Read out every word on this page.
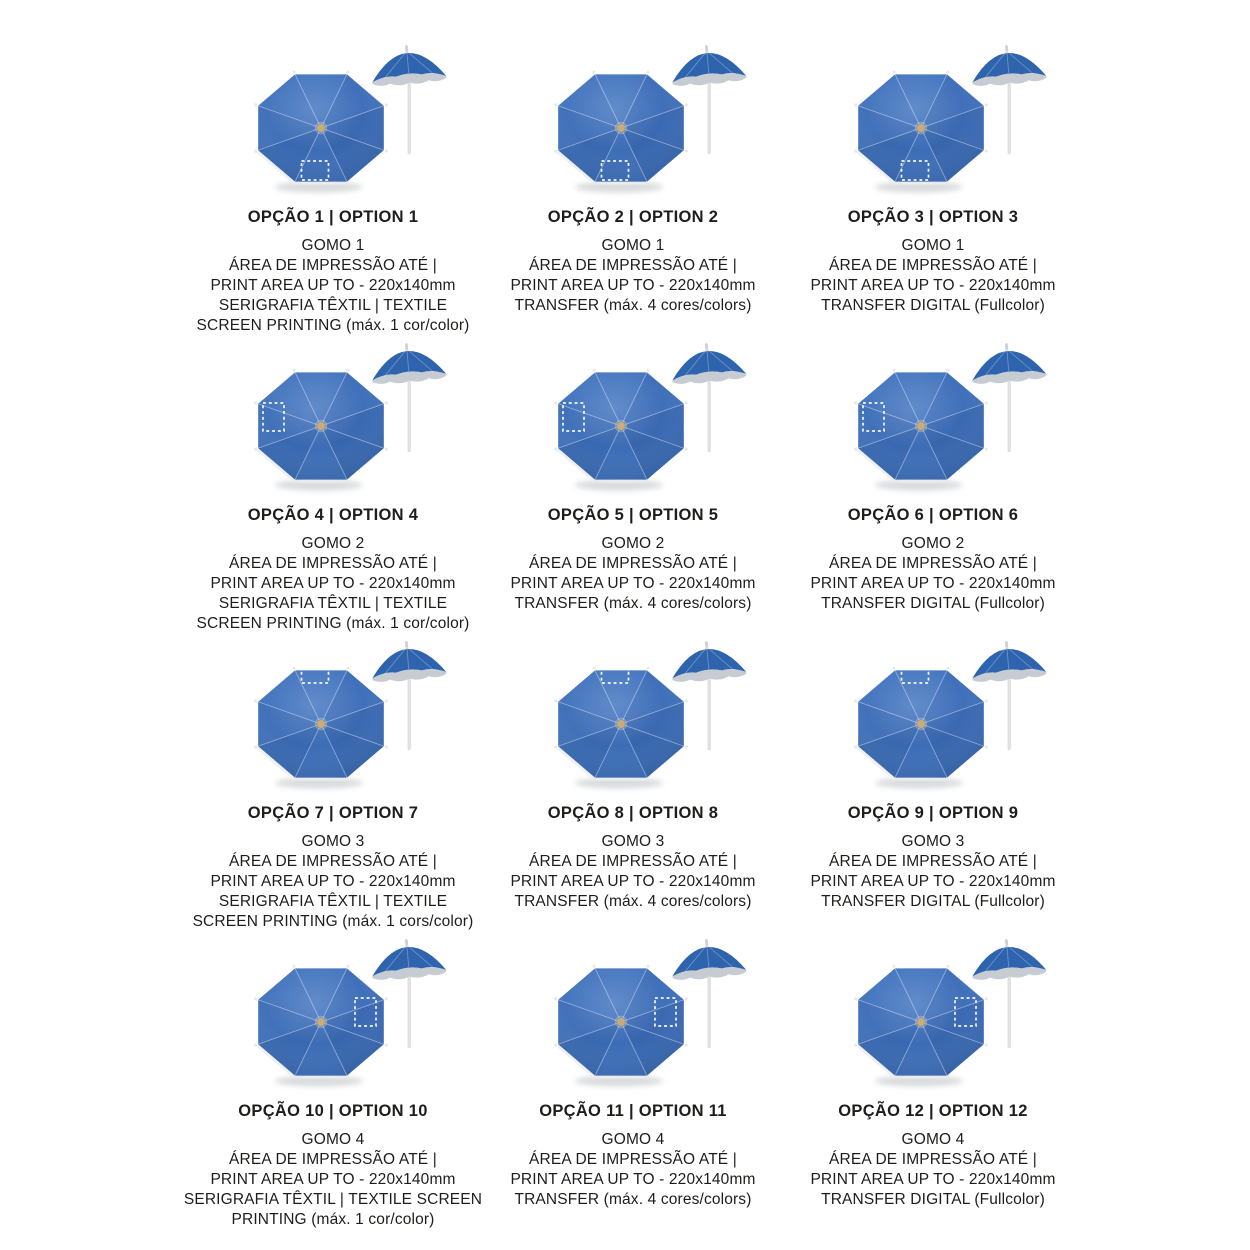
OPÇÃO 1 | OPTION 1

GOMO 1

ÁREA DE IMPRESSÃO ATÉ |

PRINT AREA UP TO - 220x140mm

SERIGRAFIA TÊXTIL | TEXTILE

SCREEN PRINTING (máx. 1 cor/color)

OPÇÃO 2 | OPTION 2

GOMO 1

ÁREA DE IMPRESSÃO ATÉ |

PRINT AREA UP TO - 220x140mm

TRANSFER (máx. 4 cores/colors)

OPÇÃO 3 | OPTION 3

GOMO 1

ÁREA DE IMPRESSÃO ATÉ |

PRINT AREA UP TO - 220x140mm

TRANSFER DIGITAL (Fullcolor)

OPÇÃO 4 | OPTION 4

GOMO 2

ÁREA DE IMPRESSÃO ATÉ |

PRINT AREA UP TO - 220x140mm

SERIGRAFIA TÊXTIL | TEXTILE

SCREEN PRINTING (máx. 1 cor/color)

OPÇÃO 5 | OPTION 5

GOMO 2

ÁREA DE IMPRESSÃO ATÉ |

PRINT AREA UP TO - 220x140mm

TRANSFER (máx. 4 cores/colors)

OPÇÃO 6 | OPTION 6

GOMO 2

ÁREA DE IMPRESSÃO ATÉ |

PRINT AREA UP TO - 220x140mm

TRANSFER DIGITAL (Fullcolor)

OPÇÃO 7 | OPTION 7

GOMO 3

ÁREA DE IMPRESSÃO ATÉ |

PRINT AREA UP TO - 220x140mm

SERIGRAFIA TÊXTIL | TEXTILE

SCREEN PRINTING (máx. 1 cors/color)

OPÇÃO 8 | OPTION 8

GOMO 3

ÁREA DE IMPRESSÃO ATÉ |

PRINT AREA UP TO - 220x140mm

TRANSFER (máx. 4 cores/colors)

OPÇÃO 9 | OPTION 9

GOMO 3

ÁREA DE IMPRESSÃO ATÉ |

PRINT AREA UP TO - 220x140mm

TRANSFER DIGITAL (Fullcolor)

OPÇÃO 10 | OPTION 10

GOMO 4

ÁREA DE IMPRESSÃO ATÉ |

PRINT AREA UP TO - 220x140mm

SERIGRAFIA TÊXTIL | TEXTILE SCREEN

PRINTING (máx. 1 cor/color)

OPÇÃO 11 | OPTION 11

GOMO 4

ÁREA DE IMPRESSÃO ATÉ |

PRINT AREA UP TO - 220x140mm

TRANSFER (máx. 4 cores/colors)

OPÇÃO 12 | OPTION 12

GOMO 4

ÁREA DE IMPRESSÃO ATÉ |

PRINT AREA UP TO - 220x140mm

TRANSFER DIGITAL (Fullcolor)
